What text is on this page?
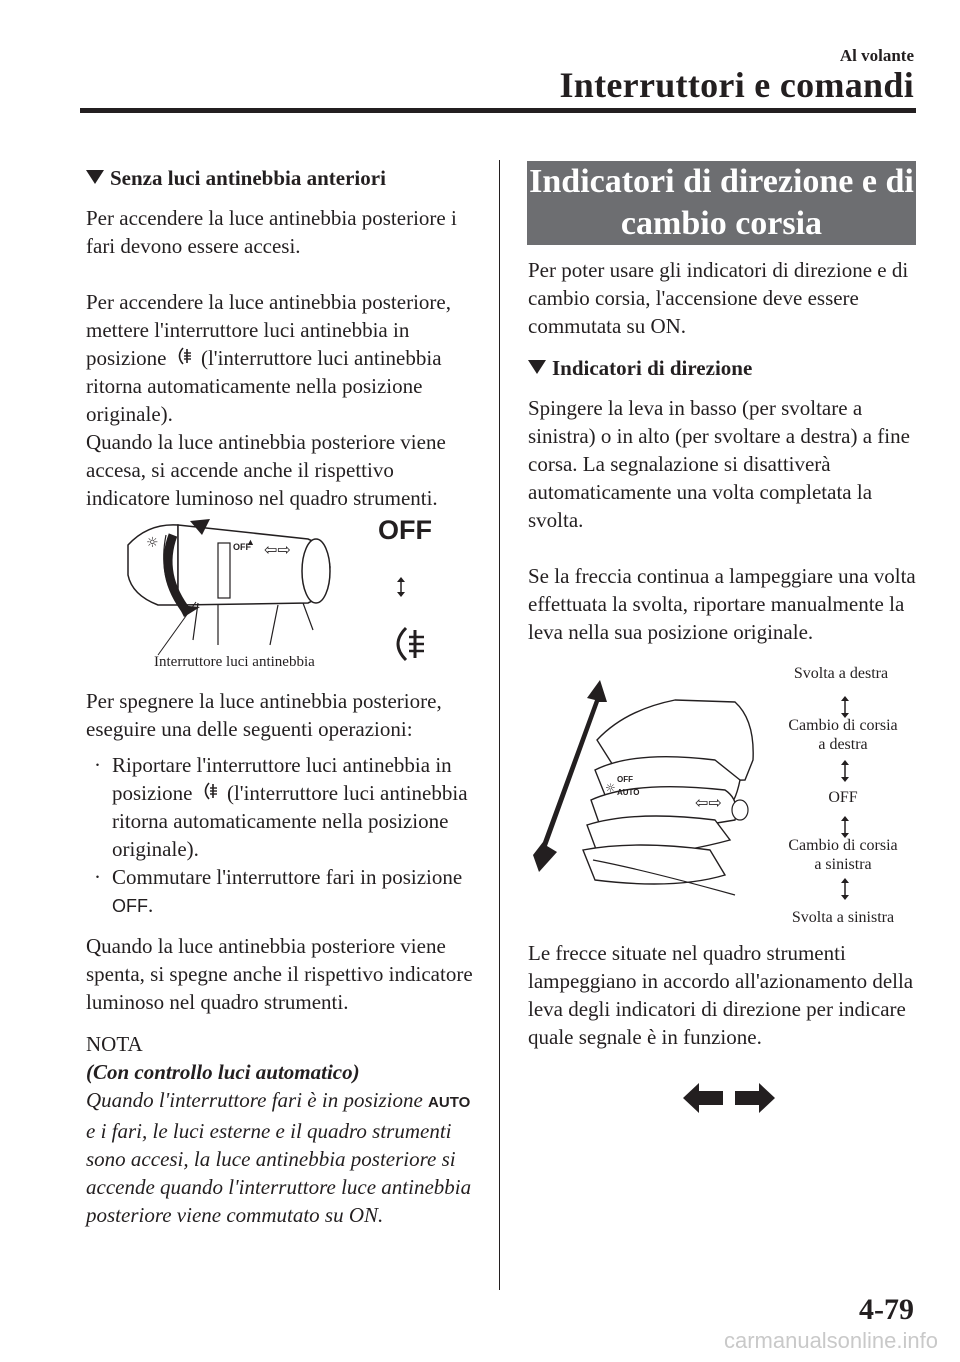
Al volante
Interruttori e comandi

Senza luci antinebbia anteriori

Per accendere la luce antinebbia posteriore i fari devono essere accesi.

Per accendere la luce antinebbia posteriore, mettere l'interruttore luci antinebbia in posizione (l'interruttore luci antinebbia ritorna automaticamente nella posizione originale).

Quando la luce antinebbia posteriore viene accesa, si accende anche il rispettivo indicatore luminoso nel quadro strumenti.

OFF
▲ ⇦⇨
☼	OFF
Interruttore luci antinebbia

Per spegnere la luce antinebbia posteriore, eseguire una delle seguenti operazioni:

· Riportare l'interruttore luci antinebbia in posizione (l'interruttore luci antinebbia ritorna automaticamente nella posizione originale).
· Commutare l'interruttore fari in posizione OFF.

Quando la luce antinebbia posteriore viene spenta, si spegne anche il rispettivo indicatore luminoso nel quadro strumenti.

NOTA

(Con controllo luci automatico)

Quando l'interruttore fari è in posizione AUTO e i fari, le luci esterne e il quadro strumenti sono accesi, la luce antinebbia posteriore si accende quando l'interruttore luce antinebbia posteriore viene commutato su ON.

Indicatori di direzione e di
cambio corsia

Per poter usare gli indicatori di direzione e di cambio corsia, l'accensione deve essere commutata su ON.

Indicatori di direzione

Spingere la leva in basso (per svoltare a sinistra) o in alto (per svoltare a destra) a fine corsa. La segnalazione si disattiverà automaticamente una volta completata la svolta.

Se la freccia continua a lampeggiare una volta effettuata la svolta, riportare manualmente la leva nella sua posizione originale.

☼
OFF
AUTO
⇦⇨
Svolta a destra
Cambio di corsia
a destra
OFF
Cambio di corsia
a sinistra
Svolta a sinistra

Le frecce situate nel quadro strumenti lampeggiano in accordo all'azionamento della leva degli indicatori di direzione per indicare quale segnale è in funzione.

4-79
carmanualsonline.info
